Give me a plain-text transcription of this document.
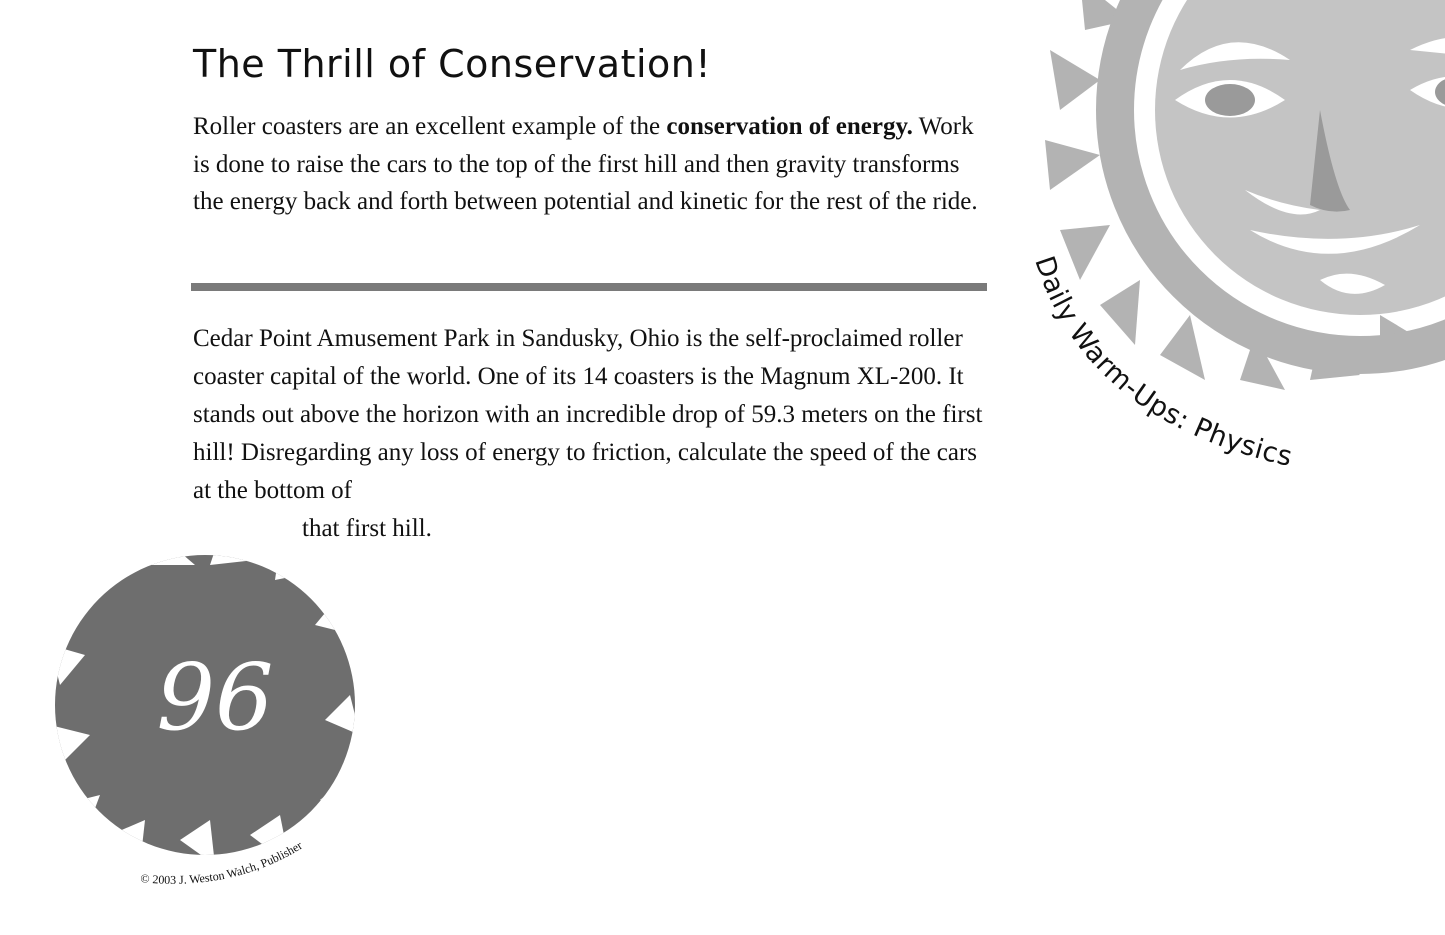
The Thrill of Conservation!

Roller coasters are an excellent example of the conservation of energy. Work is done to raise the cars to the top of the first hill and then gravity transforms the energy back and forth between potential and kinetic for the rest of the ride.

Cedar Point Amusement Park in Sandusky, Ohio is the self-proclaimed roller coaster capital of the world. One of its 14 coasters is the Magnum XL-200. It stands out above the horizon with an incredible drop of 59.3 meters on the first hill! Disregarding any loss of energy to friction, calculate the speed of the cars at the bottom of
that first hill.

Daily Warm-Ups: Physics
96
© 2003 J. Weston Walch, Publisher
